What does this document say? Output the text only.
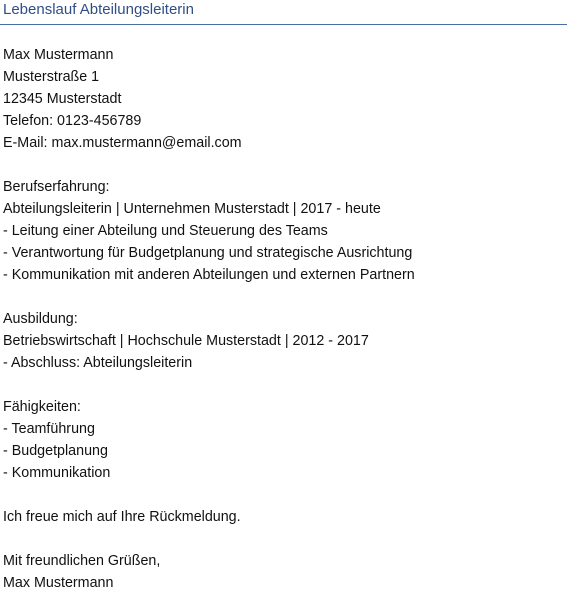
Lebenslauf Abteilungsleiterin
Max Mustermann
Musterstraße 1
12345 Musterstadt
Telefon: 0123-456789
E-Mail: max.mustermann@email.com
Berufserfahrung:
Abteilungsleiterin | Unternehmen Musterstadt | 2017 - heute
- Leitung einer Abteilung und Steuerung des Teams
- Verantwortung für Budgetplanung und strategische Ausrichtung
- Kommunikation mit anderen Abteilungen und externen Partnern
Ausbildung:
Betriebswirtschaft | Hochschule Musterstadt | 2012 - 2017
- Abschluss: Abteilungsleiterin
Fähigkeiten:
- Teamführung
- Budgetplanung
- Kommunikation
Ich freue mich auf Ihre Rückmeldung.
Mit freundlichen Grüßen,
Max Mustermann
